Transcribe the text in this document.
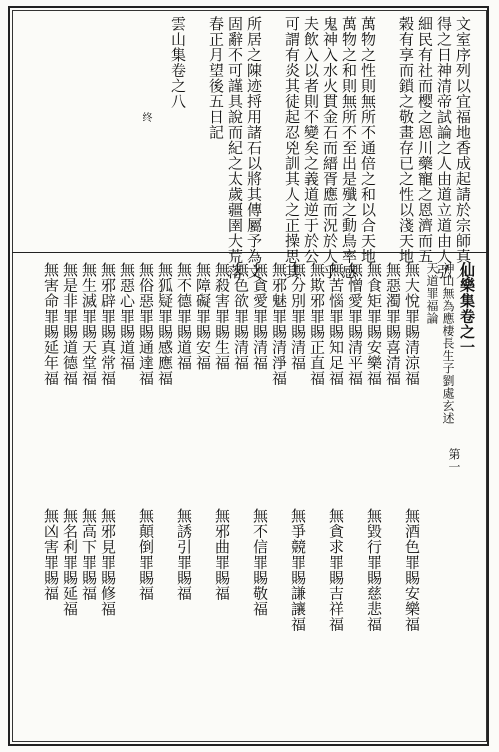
文室序列以宜福地香成起請於宗師真人
得之日神清帝試論之人由道立道由人弘
細民有社而樱之恩川藥寵之恩濟而五
榖有享而鎖之敬畫存已之性以淺天地
萬物之性則無所不通倍之和以合天地
萬物之和則無所不至出是殲之動鳥率感
鬼神入水火貫金石而縉胥應而況於人乎
夫飲入以者則不變矣之義道逆于於公
可謂有炎其徒起忍兇訓其人之正操思其
所居之陳迹捋用諸石以將其傳屬予為文
固辭不可謹具說而紀之太歲疆圉大荒落
春正月望後五日記
雲山集卷之八
终
仙樂集卷之一
神山無為應棲長生子劉處玄述
天道罪福論
第一
無大悅罪賜清涼福
無惡濁罪賜喜清福
無食矩罪賜安樂福
無憎愛罪賜清平福
無苦惱罪賜知足福
無欺邪罪賜正直福
無分別罪賜清福
無邪魅罪賜清淨福
無貪愛罪賜清福
無色欲罪賜清福
無殺害罪賜生福
無障礙罪賜安福
無不德罪賜道福
無狐疑罪賜感應福
無俗惡罪賜通達福
無惡心罪賜道福
無邪辟罪賜真常福
無生滅罪賜天堂福
無是非罪賜道德福
無害命罪賜延年福
無酒色罪賜安樂福
無毀行罪賜慈悲福
無貪求罪賜吉祥福
無爭競罪賜謙讓福
無不信罪賜敬福
無邪曲罪賜福
無誘引罪賜福
無顛倒罪賜福
無邪見罪賜修福
無高下罪賜福
無名利罪賜延福
無凶害罪賜福
